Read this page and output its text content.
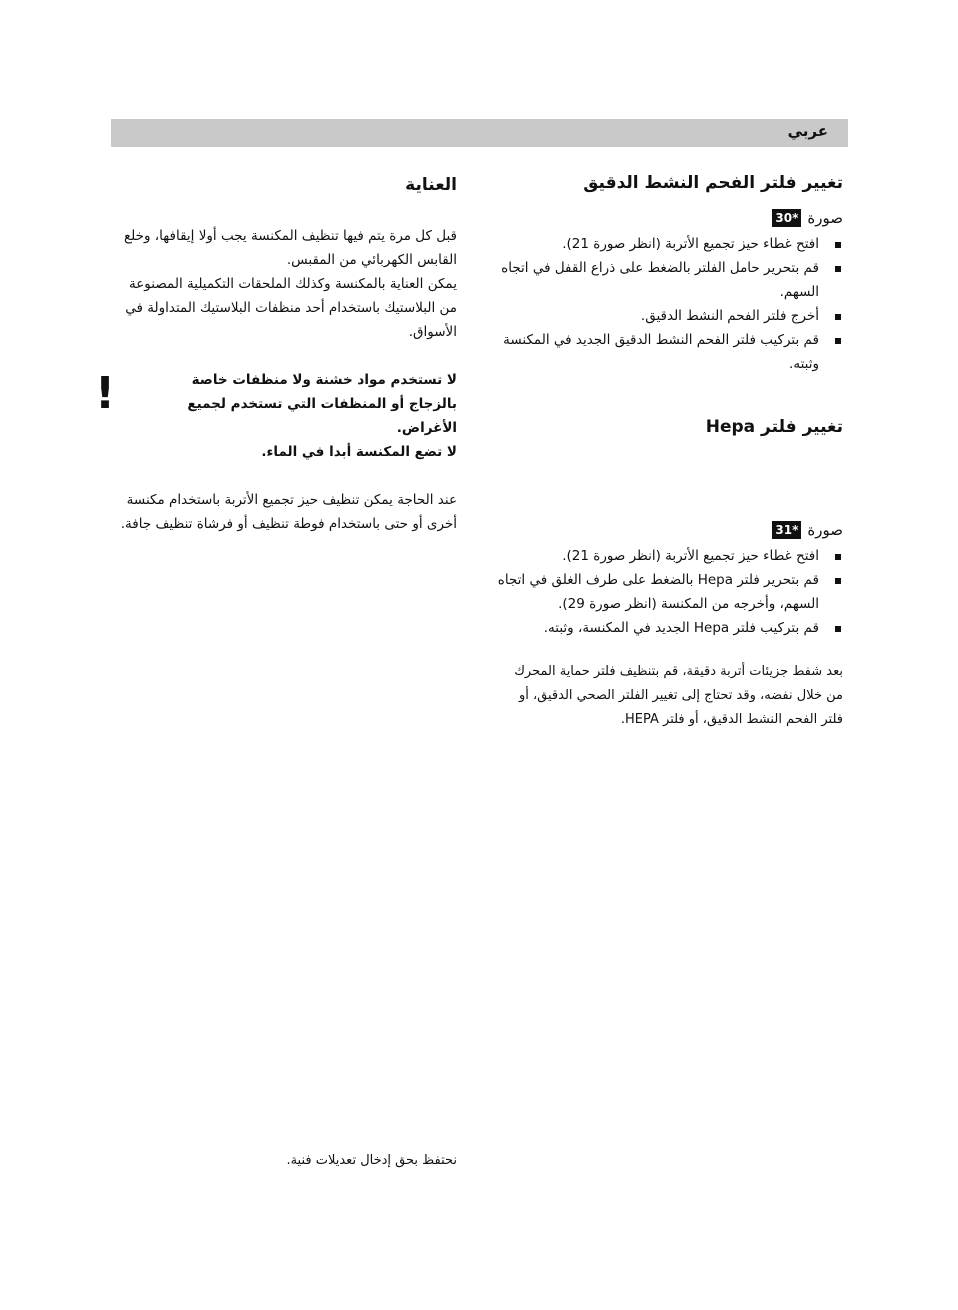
عربي
تغيير فلتر الفحم النشط الدقيق
صورة
30*
افتح غطاء حيز تجميع الأتربة (انظر صورة 21).
قم بتحرير حامل الفلتر بالضغط على ذراع القفل في اتجاه السهم.
أخرج فلتر الفحم النشط الدقيق.
قم بتركيب فلتر الفحم النشط الدقيق الجديد في المكنسة وثبته.
تغيير فلتر Hepa
صورة
31*
افتح غطاء حيز تجميع الأتربة (انظر صورة 21).
قم بتحرير فلتر Hepa بالضغط على طرف الغلق في اتجاه السهم، وأخرجه من المكنسة (انظر صورة 29).
قم بتركيب فلتر Hepa الجديد في المكنسة، وثبته.

بعد شفط جزيئات أتربة دقيقة، قم بتنظيف فلتر حماية المحرك من خلال نفضه، وقد تحتاج إلى تغيير الفلتر الصحي الدقيق، أو فلتر الفحم النشط الدقيق، أو فلتر HEPA.

العناية

قبل كل مرة يتم فيها تنظيف المكنسة يجب أولا إيقافها، وخلع القابس الكهربائي من المقبس.

يمكن العناية بالمكنسة وكذلك الملحقات التكميلية المصنوعة من البلاستيك باستخدام أحد منظفات البلاستيك المتداولة في الأسواق.

!	لا تستخدم مواد خشنة ولا منظفات خاصة بالزجاج أو المنظفات التي تستخدم لجميع الأغراض.

لا تضع المكنسة أبدا في الماء.

عند الحاجة يمكن تنظيف حيز تجميع الأتربة باستخدام مكنسة أخرى أو حتى باستخدام فوطة تنظيف أو فرشاة تنظيف جافة.

نحتفظ بحق إدخال تعديلات فنية.
